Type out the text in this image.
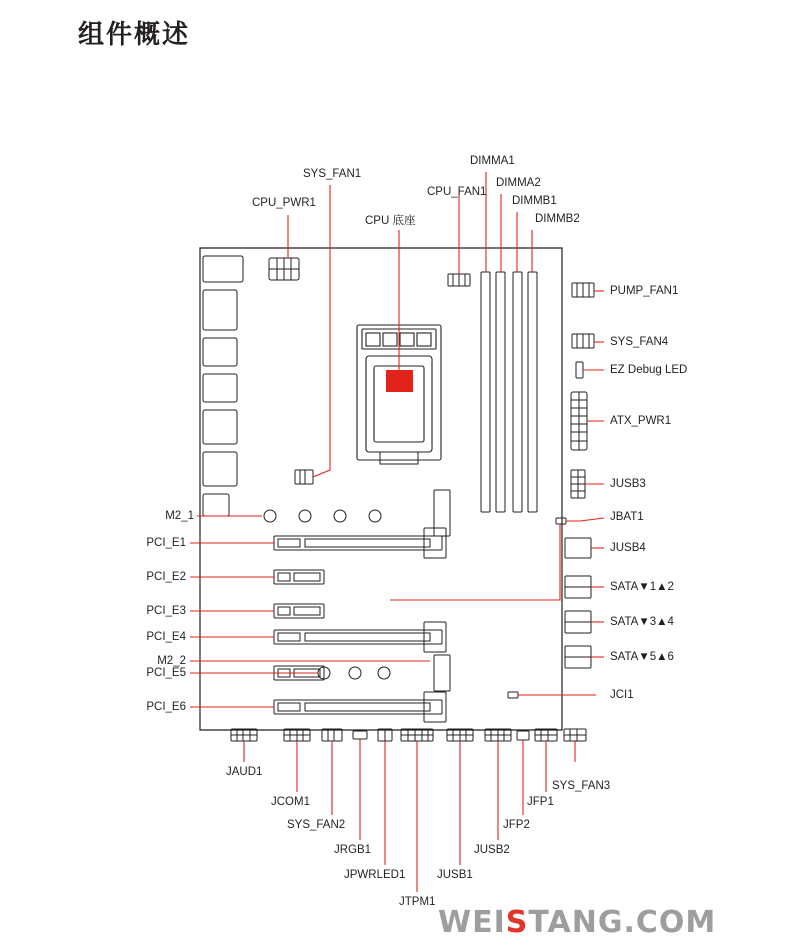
组件概述
CPU_PWR1
SYS_FAN1
CPU 底座
CPU_FAN1
DIMMA1
DIMMA2
DIMMB1
DIMMB2
PUMP_FAN1
SYS_FAN4
EZ Debug LED
ATX_PWR1
JUSB3
JBAT1
JUSB4
SATA▼1▲2
SATA▼3▲4
SATA▼5▲6
JCI1
M2_1
PCI_E1
PCI_E2
PCI_E3
PCI_E4
M2_2
PCI_E5
PCI_E6
JAUD1
JCOM1
SYS_FAN2
JRGB1
JPWRLED1
JTPM1
JUSB1
JUSB2
JFP2
JFP1
SYS_FAN3
WEISTANG.COM
